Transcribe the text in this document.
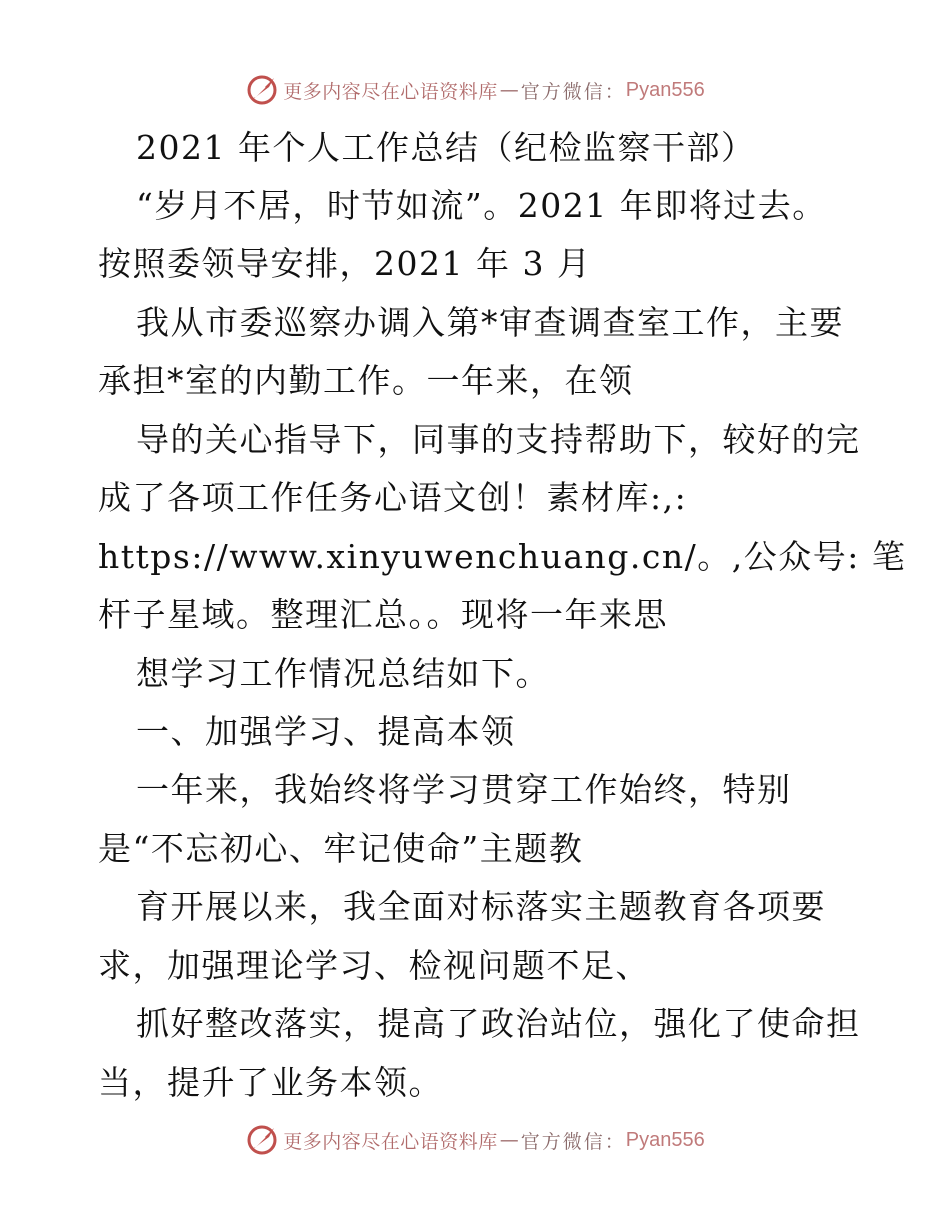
更多内容尽在心语资料库 — 官方微信： Pyan556
2021 年个人工作总结（纪检监察干部）
“岁月不居，时节如流”。2021 年即将过去。
按照委领导安排，2021 年 3 月
我从市委巡察办调入第*审查调查室工作，主要
承担*室的内勤工作。一年来，在领
导的关心指导下，同事的支持帮助下，较好的完
成了各项工作任务心语文创！素材库:,:
https://www.xinyuwenchuang.cn/。,公众号: 笔
杆子星域。整理汇总。。现将一年来思
想学习工作情况总结如下。
一、加强学习、提高本领
一年来，我始终将学习贯穿工作始终，特别
是“不忘初心、牢记使命”主题教
育开展以来，我全面对标落实主题教育各项要
求，加强理论学习、检视问题不足、
抓好整改落实，提高了政治站位，强化了使命担
当，提升了业务本领。
更多内容尽在心语资料库 — 官方微信： Pyan556
